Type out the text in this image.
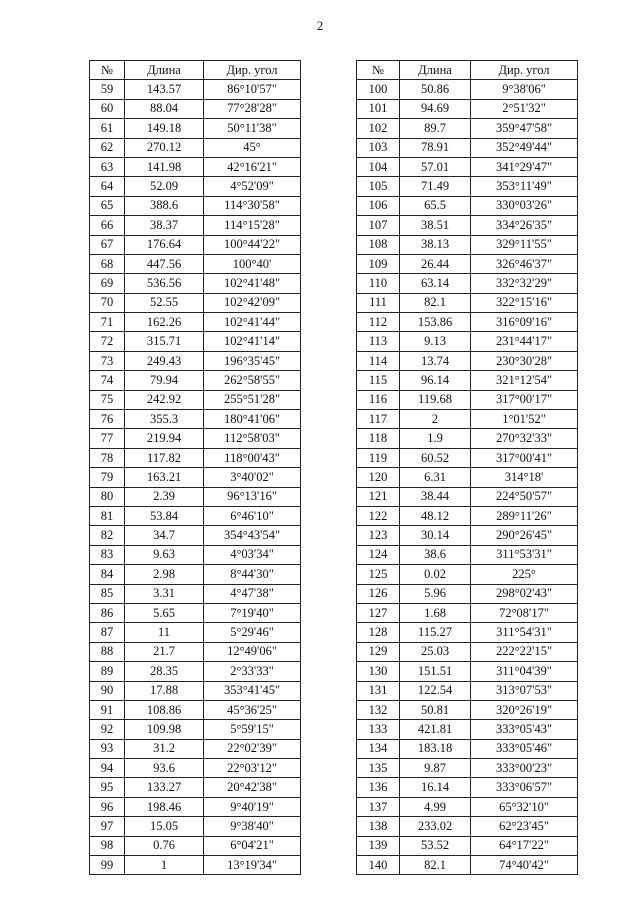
2
№	Длина	Дир. угол
59	143.57	86°10'57"
60	88.04	77°28'28"
61	149.18	50°11'38"
62	270.12	45°
63	141.98	42°16'21"
64	52.09	4°52'09"
65	388.6	114°30'58"
66	38.37	114°15'28"
67	176.64	100°44'22"
68	447.56	100°40'
69	536.56	102°41'48"
70	52.55	102°42'09"
71	162.26	102°41'44"
72	315.71	102°41'14"
73	249.43	196°35'45"
74	79.94	262°58'55"
75	242.92	255°51'28"
76	355.3	180°41'06"
77	219.94	112°58'03"
78	117.82	118°00'43"
79	163.21	3°40'02"
80	2.39	96°13'16"
81	53.84	6°46'10"
82	34.7	354°43'54"
83	9.63	4°03'34"
84	2.98	8°44'30"
85	3.31	4°47'38"
86	5.65	7°19'40"
87	11	5°29'46"
88	21.7	12°49'06"
89	28.35	2°33'33"
90	17.88	353°41'45"
91	108.86	45°36'25"
92	109.98	5°59'15"
93	31.2	22°02'39"
94	93.6	22°03'12"
95	133.27	20°42'38"
96	198.46	9°40'19"
97	15.05	9°38'40"
98	0.76	6°04'21"
99	1	13°19'34"
№	Длина	Дир. угол
100	50.86	9°38'06"
101	94.69	2°51'32"
102	89.7	359°47'58"
103	78.91	352°49'44"
104	57.01	341°29'47"
105	71.49	353°11'49"
106	65.5	330°03'26"
107	38.51	334°26'35"
108	38.13	329°11'55"
109	26.44	326°46'37"
110	63.14	332°32'29"
111	82.1	322°15'16"
112	153.86	316°09'16"
113	9.13	231°44'17"
114	13.74	230°30'28"
115	96.14	321°12'54"
116	119.68	317°00'17"
117	2	1°01'52"
118	1.9	270°32'33"
119	60.52	317°00'41"
120	6.31	314°18'
121	38.44	224°50'57"
122	48.12	289°11'26"
123	30.14	290°26'45"
124	38.6	311°53'31"
125	0.02	225°
126	5.96	298°02'43"
127	1.68	72°08'17"
128	115.27	311°54'31"
129	25.03	222°22'15"
130	151.51	311°04'39"
131	122.54	313°07'53"
132	50.81	320°26'19"
133	421.81	333°05'43"
134	183.18	333°05'46"
135	9.87	333°00'23"
136	16.14	333°06'57"
137	4.99	65°32'10"
138	233.02	62°23'45"
139	53.52	64°17'22"
140	82.1	74°40'42"
